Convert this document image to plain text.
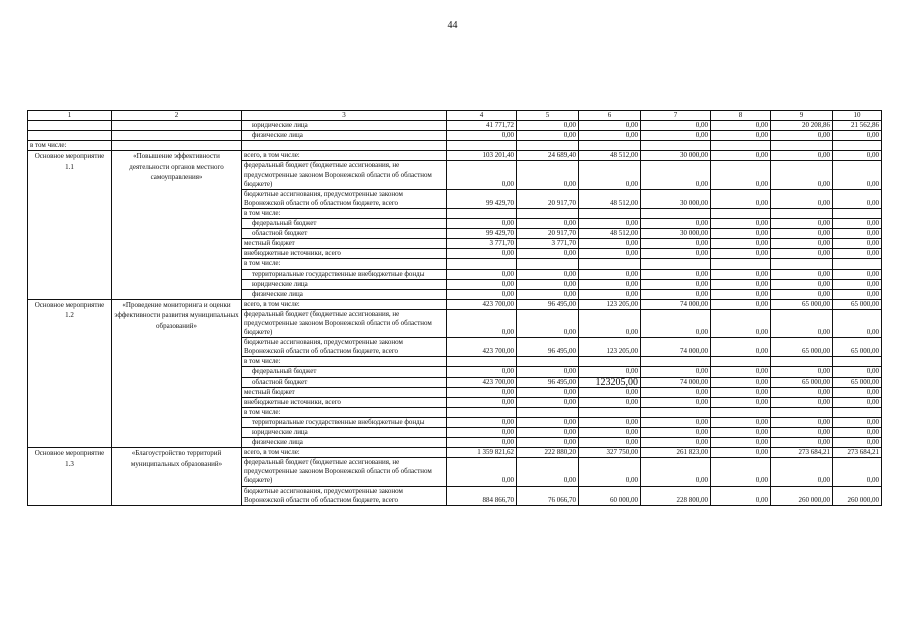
44
1	2	3	4	5	6	7	8	9	10
		юридические лица	41 771,72	0,00	0,00	0,00	0,00	20 208,86	21 562,86
		физические лица	0,00	0,00	0,00	0,00	0,00	0,00	0,00
в том числе:									
Основное мероприятие 1.1	«Повышение эффективности деятельности органов местного самоуправления»	всего, в том числе:	103 201,40	24 689,40	48 512,00	30 000,00	0,00	0,00	0,00
		федеральный бюджет (бюджетные ассигнования, не предусмотренные законом Воронежской области об областном бюджете)	0,00	0,00	0,00	0,00	0,00	0,00	0,00
		бюджетные ассигнования, предусмотренные законом Воронежской области об областном бюджете, всего	99 429,70	20 917,70	48 512,00	30 000,00	0,00	0,00	0,00
		в том числе:							
		федеральный бюджет	0,00	0,00	0,00	0,00	0,00	0,00	0,00
		областной бюджет	99 429,70	20 917,70	48 512,00	30 000,00	0,00	0,00	0,00
		местный бюджет	3 771,70	3 771,70	0,00	0,00	0,00	0,00	0,00
		внебюджетные источники, всего	0,00	0,00	0,00	0,00	0,00	0,00	0,00
		в том числе:							
		территориальные государственные внебюджетные фонды	0,00	0,00	0,00	0,00	0,00	0,00	0,00
		юридические лица	0,00	0,00	0,00	0,00	0,00	0,00	0,00
		физические лица	0,00	0,00	0,00	0,00	0,00	0,00	0,00
Основное мероприятие 1.2	«Проведение мониторинга и оценки эффективности развития муниципальных образований»	всего, в том числе:	423 700,00	96 495,00	123 205,00	74 000,00	0,00	65 000,00	65 000,00
		федеральный бюджет (бюджетные ассигнования, не предусмотренные законом Воронежской области об областном бюджете)	0,00	0,00	0,00	0,00	0,00	0,00	0,00
		бюджетные ассигнования, предусмотренные законом Воронежской области об областном бюджете, всего	423 700,00	96 495,00	123 205,00	74 000,00	0,00	65 000,00	65 000,00
		в том числе:							
		федеральный бюджет	0,00	0,00	0,00	0,00	0,00	0,00	0,00
		областной бюджет	423 700,00	96 495,00	123205,00	74 000,00	0,00	65 000,00	65 000,00
		местный бюджет	0,00	0,00	0,00	0,00	0,00	0,00	0,00
		внебюджетные источники, всего	0,00	0,00	0,00	0,00	0,00	0,00	0,00
		в том числе:							
		территориальные государственные внебюджетные фонды	0,00	0,00	0,00	0,00	0,00	0,00	0,00
		юридические лица	0,00	0,00	0,00	0,00	0,00	0,00	0,00
		физические лица	0,00	0,00	0,00	0,00	0,00	0,00	0,00
Основное мероприятие 1.3	«Благоустройство территорий муниципальных образований»	всего, в том числе:	1 359 821,62	222 880,20	327 750,00	261 823,00	0,00	273 684,21	273 684,21
		федеральный бюджет (бюджетные ассигнования, не предусмотренные законом Воронежской области об областном бюджете)	0,00	0,00	0,00	0,00	0,00	0,00	0,00
		бюджетные ассигнования, предусмотренные законом Воронежской области об областном бюджете, всего	884 866,70	76 066,70	60 000,00	228 800,00	0,00	260 000,00	260 000,00
